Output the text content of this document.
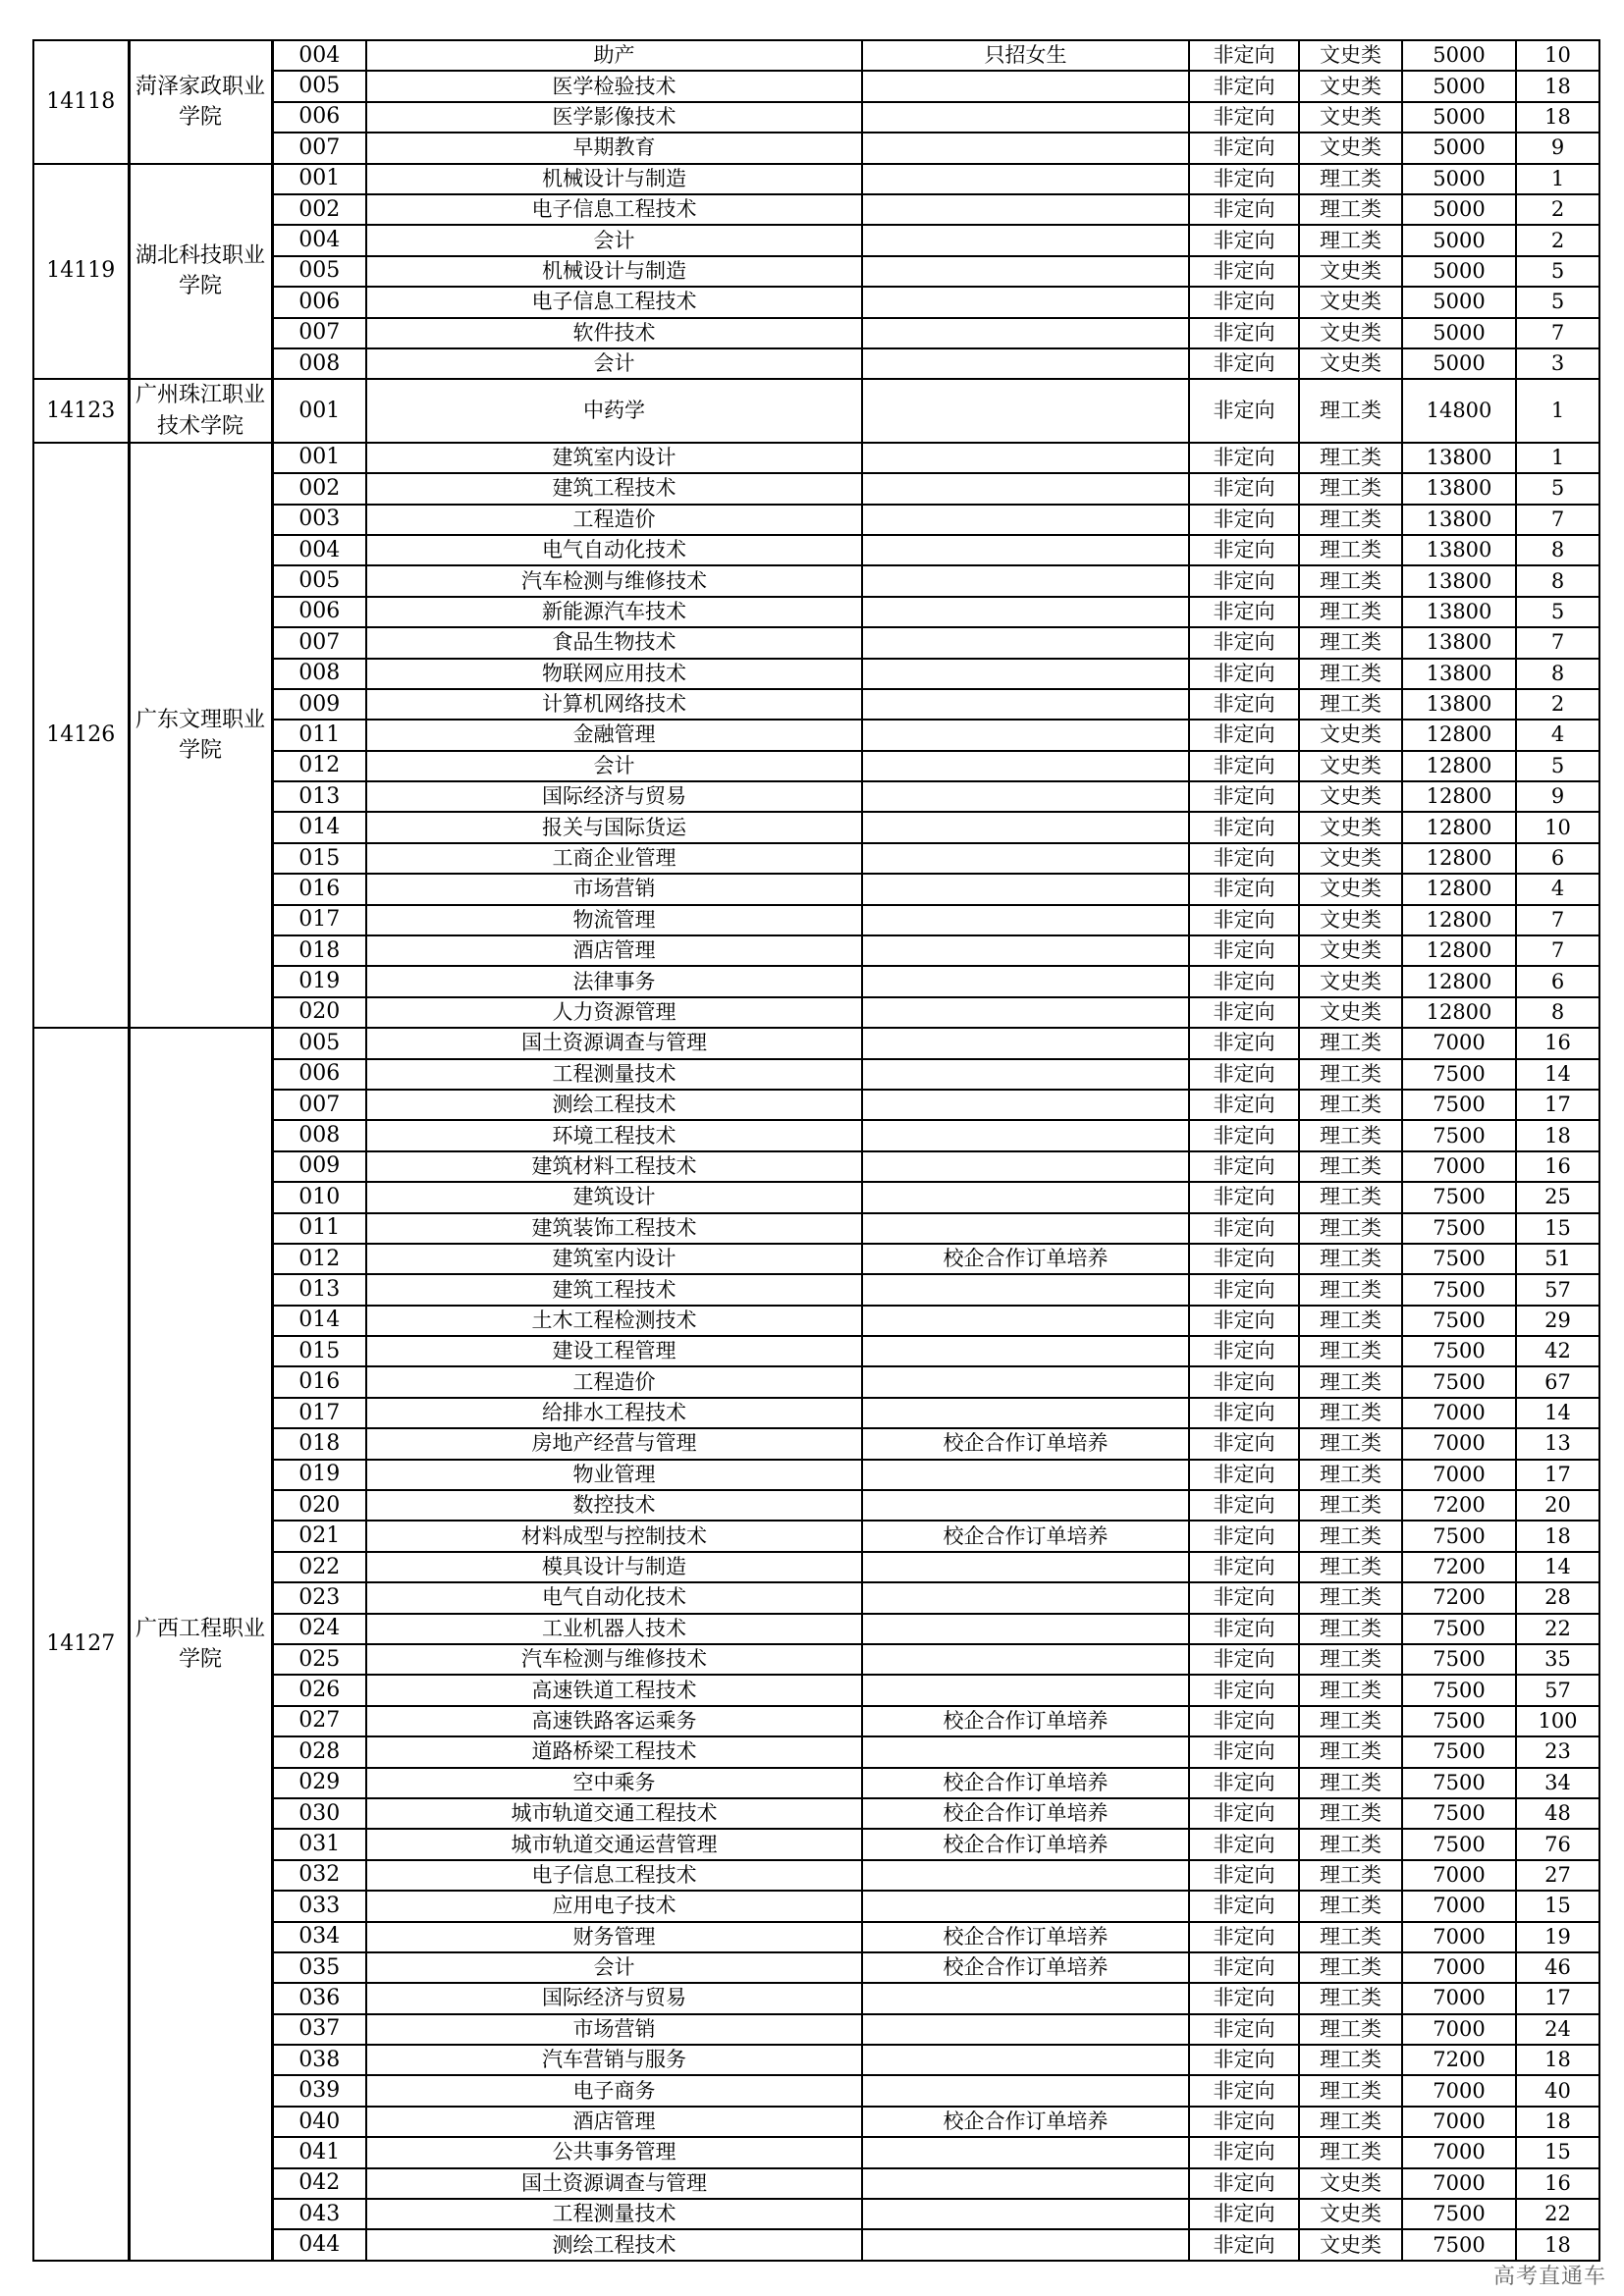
14118	菏泽家政职业学院	004	助产	只招女生	非定向	文史类	5000	10
		005	医学检验技术		非定向	文史类	5000	18
		006	医学影像技术		非定向	文史类	5000	18
		007	早期教育		非定向	文史类	5000	9
14119	湖北科技职业学院	001	机械设计与制造		非定向	理工类	5000	1
		002	电子信息工程技术		非定向	理工类	5000	2
		004	会计		非定向	理工类	5000	2
		005	机械设计与制造		非定向	文史类	5000	5
		006	电子信息工程技术		非定向	文史类	5000	5
		007	软件技术		非定向	文史类	5000	7
		008	会计		非定向	文史类	5000	3
14123	广州珠江职业技术学院	001	中药学		非定向	理工类	14800	1
14126	广东文理职业学院	001	建筑室内设计		非定向	理工类	13800	1
		002	建筑工程技术		非定向	理工类	13800	5
		003	工程造价		非定向	理工类	13800	7
		004	电气自动化技术		非定向	理工类	13800	8
		005	汽车检测与维修技术		非定向	理工类	13800	8
		006	新能源汽车技术		非定向	理工类	13800	5
		007	食品生物技术		非定向	理工类	13800	7
		008	物联网应用技术		非定向	理工类	13800	8
		009	计算机网络技术		非定向	理工类	13800	2
		011	金融管理		非定向	文史类	12800	4
		012	会计		非定向	文史类	12800	5
		013	国际经济与贸易		非定向	文史类	12800	9
		014	报关与国际货运		非定向	文史类	12800	10
		015	工商企业管理		非定向	文史类	12800	6
		016	市场营销		非定向	文史类	12800	4
		017	物流管理		非定向	文史类	12800	7
		018	酒店管理		非定向	文史类	12800	7
		019	法律事务		非定向	文史类	12800	6
		020	人力资源管理		非定向	文史类	12800	8
14127	广西工程职业学院	005	国土资源调查与管理		非定向	理工类	7000	16
		006	工程测量技术		非定向	理工类	7500	14
		007	测绘工程技术		非定向	理工类	7500	17
		008	环境工程技术		非定向	理工类	7500	18
		009	建筑材料工程技术		非定向	理工类	7000	16
		010	建筑设计		非定向	理工类	7500	25
		011	建筑装饰工程技术		非定向	理工类	7500	15
		012	建筑室内设计	校企合作订单培养	非定向	理工类	7500	51
		013	建筑工程技术		非定向	理工类	7500	57
		014	土木工程检测技术		非定向	理工类	7500	29
		015	建设工程管理		非定向	理工类	7500	42
		016	工程造价		非定向	理工类	7500	67
		017	给排水工程技术		非定向	理工类	7000	14
		018	房地产经营与管理	校企合作订单培养	非定向	理工类	7000	13
		019	物业管理		非定向	理工类	7000	17
		020	数控技术		非定向	理工类	7200	20
		021	材料成型与控制技术	校企合作订单培养	非定向	理工类	7500	18
		022	模具设计与制造		非定向	理工类	7200	14
		023	电气自动化技术		非定向	理工类	7200	28
		024	工业机器人技术		非定向	理工类	7500	22
		025	汽车检测与维修技术		非定向	理工类	7500	35
		026	高速铁道工程技术		非定向	理工类	7500	57
		027	高速铁路客运乘务	校企合作订单培养	非定向	理工类	7500	100
		028	道路桥梁工程技术		非定向	理工类	7500	23
		029	空中乘务	校企合作订单培养	非定向	理工类	7500	34
		030	城市轨道交通工程技术	校企合作订单培养	非定向	理工类	7500	48
		031	城市轨道交通运营管理	校企合作订单培养	非定向	理工类	7500	76
		032	电子信息工程技术		非定向	理工类	7000	27
		033	应用电子技术		非定向	理工类	7000	15
		034	财务管理	校企合作订单培养	非定向	理工类	7000	19
		035	会计	校企合作订单培养	非定向	理工类	7000	46
		036	国际经济与贸易		非定向	理工类	7000	17
		037	市场营销		非定向	理工类	7000	24
		038	汽车营销与服务		非定向	理工类	7200	18
		039	电子商务		非定向	理工类	7000	40
		040	酒店管理	校企合作订单培养	非定向	理工类	7000	18
		041	公共事务管理		非定向	理工类	7000	15
		042	国土资源调查与管理		非定向	文史类	7000	16
		043	工程测量技术		非定向	文史类	7500	22
		044	测绘工程技术		非定向	文史类	7500	18
高考直通车
